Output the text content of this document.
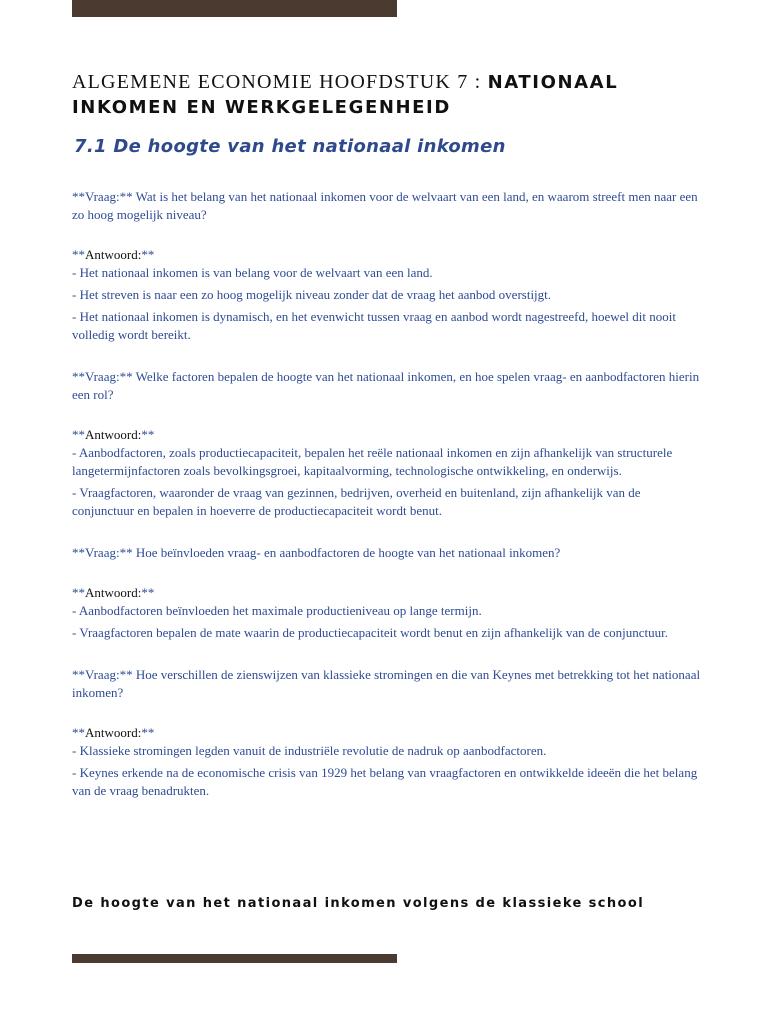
ALGEMENE ECONOMIE HOOFDSTUK 7 : NATIONAAL INKOMEN EN WERKGELEGENHEID
7.1 De hoogte van het nationaal inkomen

**Vraag:** Wat is het belang van het nationaal inkomen voor de welvaart van een land, en waarom streeft men naar een zo hoog mogelijk niveau?

**Antwoord:**

- Het nationaal inkomen is van belang voor de welvaart van een land.

- Het streven is naar een zo hoog mogelijk niveau zonder dat de vraag het aanbod overstijgt.

- Het nationaal inkomen is dynamisch, en het evenwicht tussen vraag en aanbod wordt nagestreefd, hoewel dit nooit volledig wordt bereikt.

**Vraag:** Welke factoren bepalen de hoogte van het nationaal inkomen, en hoe spelen vraag- en aanbodfactoren hierin een rol?

**Antwoord:**

- Aanbodfactoren, zoals productiecapaciteit, bepalen het reële nationaal inkomen en zijn afhankelijk van structurele langetermijnfactoren zoals bevolkingsgroei, kapitaalvorming, technologische ontwikkeling, en onderwijs.

- Vraagfactoren, waaronder de vraag van gezinnen, bedrijven, overheid en buitenland, zijn afhankelijk van de conjunctuur en bepalen in hoeverre de productiecapaciteit wordt benut.

**Vraag:** Hoe beïnvloeden vraag- en aanbodfactoren de hoogte van het nationaal inkomen?

**Antwoord:**

- Aanbodfactoren beïnvloeden het maximale productieniveau op lange termijn.

- Vraagfactoren bepalen de mate waarin de productiecapaciteit wordt benut en zijn afhankelijk van de conjunctuur.

**Vraag:** Hoe verschillen de zienswijzen van klassieke stromingen en die van Keynes met betrekking tot het nationaal inkomen?

**Antwoord:**

- Klassieke stromingen legden vanuit de industriële revolutie de nadruk op aanbodfactoren.

- Keynes erkende na de economische crisis van 1929 het belang van vraagfactoren en ontwikkelde ideeën die het belang van de vraag benadrukten.

De hoogte van het nationaal inkomen volgens de klassieke school
